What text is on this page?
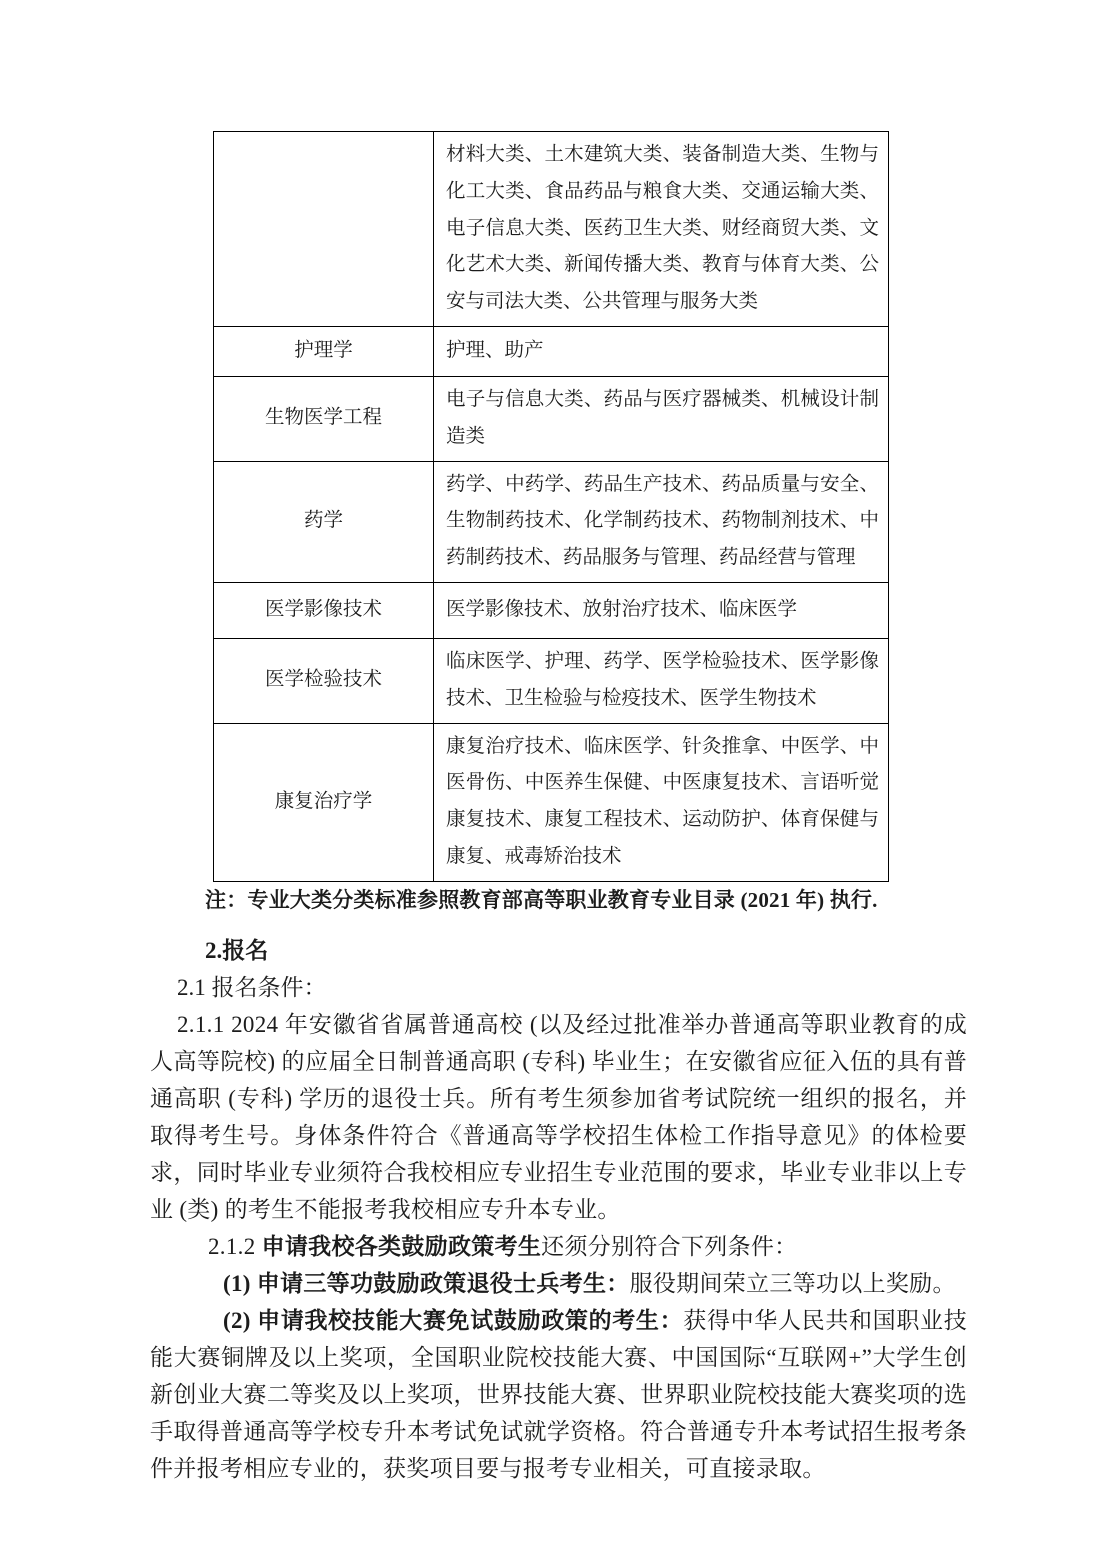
	材料大类、土木建筑大类、装备制造大类、生物与化工大类、食品药品与粮食大类、交通运输大类、电子信息大类、医药卫生大类、财经商贸大类、文化艺术大类、新闻传播大类、教育与体育大类、公安与司法大类、公共管理与服务大类
护理学	护理、助产
生物医学工程	电子与信息大类、药品与医疗器械类、机械设计制造类
药学	药学、中药学、药品生产技术、药品质量与安全、生物制药技术、化学制药技术、药物制剂技术、中药制药技术、药品服务与管理、药品经营与管理
医学影像技术	医学影像技术、放射治疗技术、临床医学
医学检验技术	临床医学、护理、药学、医学检验技术、医学影像技术、卫生检验与检疫技术、医学生物技术
康复治疗学	康复治疗技术、临床医学、针灸推拿、中医学、中医骨伤、中医养生保健、中医康复技术、言语听觉康复技术、康复工程技术、运动防护、体育保健与康复、戒毒矫治技术

注：专业大类分类标准参照教育部高等职业教育专业目录 (2021 年) 执行.

2.报名

2.1 报名条件：

2.1.1 2024 年安徽省省属普通高校 (以及经过批准举办普通高等职业教育的成人高等院校) 的应届全日制普通高职 (专科) 毕业生；在安徽省应征入伍的具有普通高职 (专科) 学历的退役士兵。所有考生须参加省考试院统一组织的报名，并取得考生号。身体条件符合《普通高等学校招生体检工作指导意见》的体检要求，同时毕业专业须符合我校相应专业招生专业范围的要求，毕业专业非以上专业 (类) 的考生不能报考我校相应专升本专业。

2.1.2 申请我校各类鼓励政策考生还须分别符合下列条件：

(1) 申请三等功鼓励政策退役士兵考生：服役期间荣立三等功以上奖励。

(2) 申请我校技能大赛免试鼓励政策的考生：获得中华人民共和国职业技能大赛铜牌及以上奖项，全国职业院校技能大赛、中国国际“互联网+”大学生创新创业大赛二等奖及以上奖项，世界技能大赛、世界职业院校技能大赛奖项的选手取得普通高等学校专升本考试免试就学资格。符合普通专升本考试招生报考条件并报考相应专业的，获奖项目要与报考专业相关，可直接录取。
